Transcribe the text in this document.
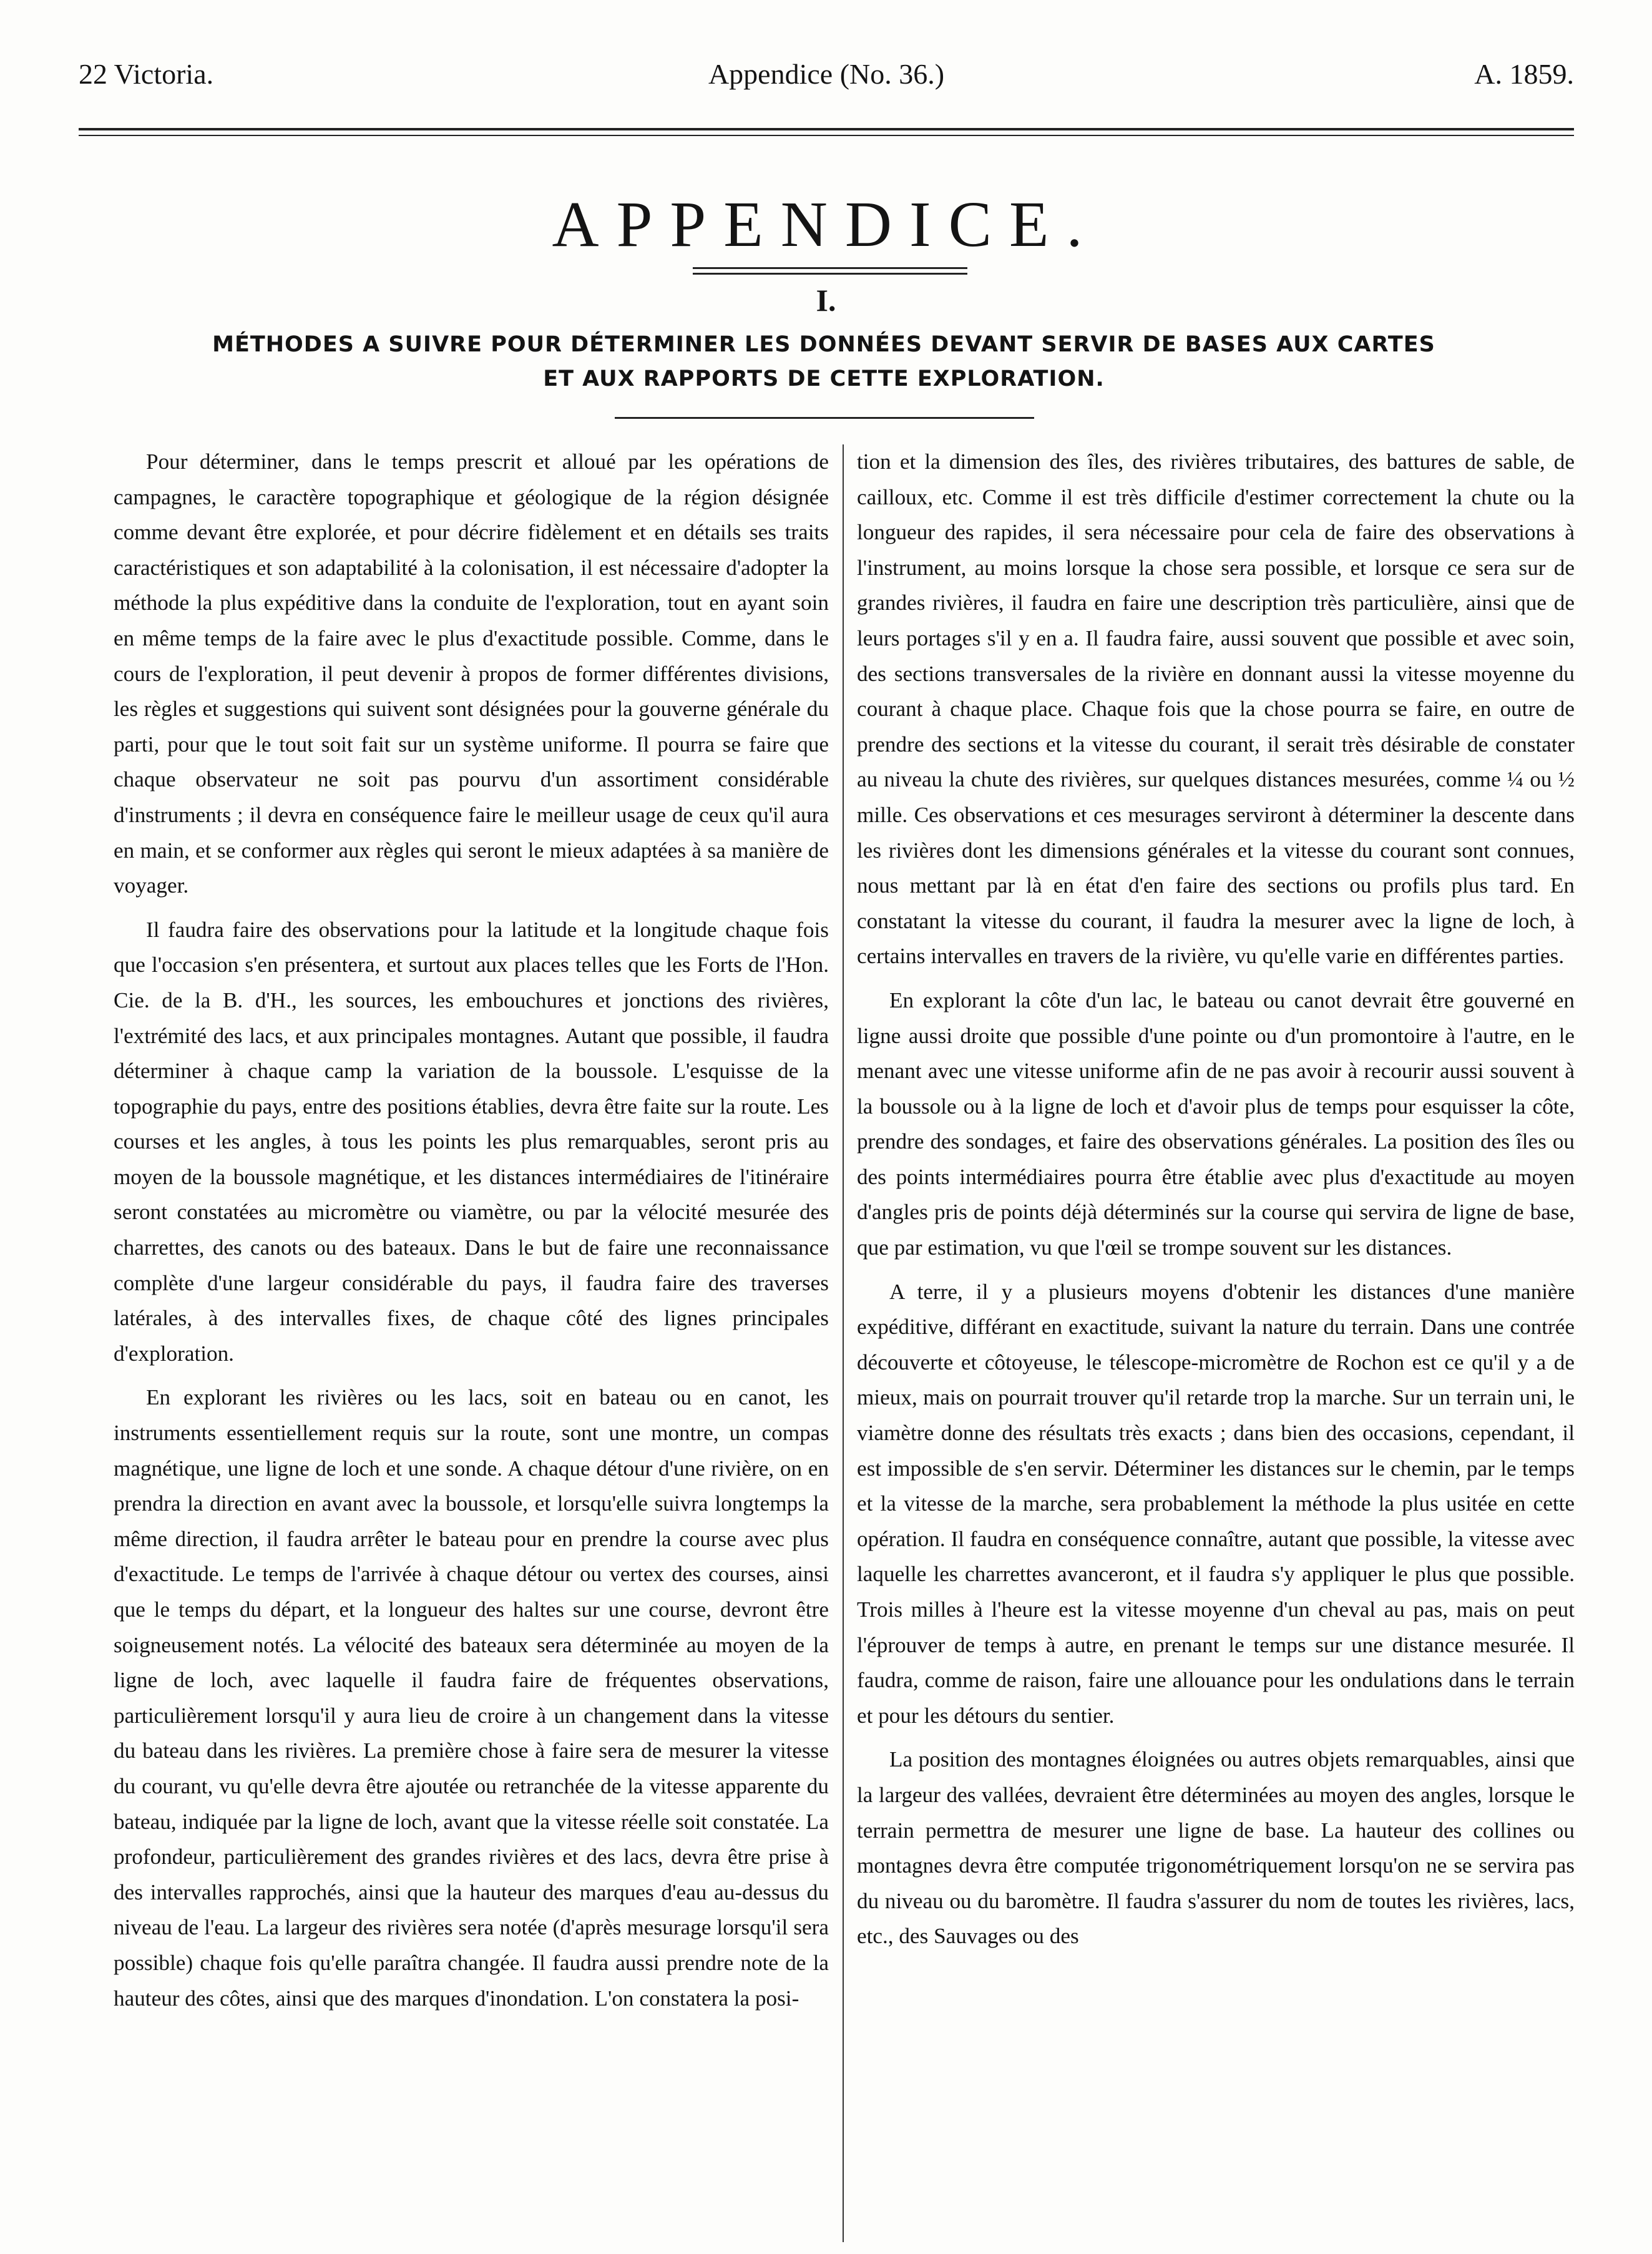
22 Victoria.	Appendice (No. 36.)	A. 1859.
APPENDICE.
I.
MÉTHODES A SUIVRE POUR DÉTERMINER LES DONNÉES DEVANT SERVIR DE BASES AUX CARTES
ET AUX RAPPORTS DE CETTE EXPLORATION.

Pour déterminer, dans le temps prescrit et alloué par les opérations de campagnes, le caractère topographique et géologique de la région désignée comme devant être explorée, et pour décrire fidèlement et en détails ses traits caractéristiques et son adaptabilité à la colonisation, il est nécessaire d'adopter la méthode la plus expéditive dans la conduite de l'exploration, tout en ayant soin en même temps de la faire avec le plus d'exactitude possible. Comme, dans le cours de l'exploration, il peut devenir à propos de former différentes divisions, les règles et suggestions qui suivent sont désignées pour la gouverne générale du parti, pour que le tout soit fait sur un système uniforme. Il pourra se faire que chaque observateur ne soit pas pourvu d'un assortiment considérable d'instruments ; il devra en conséquence faire le meilleur usage de ceux qu'il aura en main, et se conformer aux règles qui seront le mieux adaptées à sa manière de voyager.

Il faudra faire des observations pour la latitude et la longitude chaque fois que l'occasion s'en présentera, et surtout aux places telles que les Forts de l'Hon. Cie. de la B. d'H., les sources, les embouchures et jonctions des rivières, l'extrémité des lacs, et aux principales montagnes. Autant que possible, il faudra déterminer à chaque camp la variation de la boussole. L'esquisse de la topographie du pays, entre des positions établies, devra être faite sur la route. Les courses et les angles, à tous les points les plus remarquables, seront pris au moyen de la boussole magnétique, et les distances intermédiaires de l'itinéraire seront constatées au micromètre ou viamètre, ou par la vélocité mesurée des charrettes, des canots ou des bateaux. Dans le but de faire une reconnaissance complète d'une largeur considérable du pays, il faudra faire des traverses latérales, à des intervalles fixes, de chaque côté des lignes principales d'exploration.

En explorant les rivières ou les lacs, soit en bateau ou en canot, les instruments essentiellement requis sur la route, sont une montre, un compas magnétique, une ligne de loch et une sonde. A chaque détour d'une rivière, on en prendra la direction en avant avec la boussole, et lorsqu'elle suivra longtemps la même direction, il faudra arrêter le bateau pour en prendre la course avec plus d'exactitude. Le temps de l'arrivée à chaque détour ou vertex des courses, ainsi que le temps du départ, et la longueur des haltes sur une course, devront être soigneusement notés. La vélocité des bateaux sera déterminée au moyen de la ligne de loch, avec laquelle il faudra faire de fréquentes observations, particulièrement lorsqu'il y aura lieu de croire à un changement dans la vitesse du bateau dans les rivières. La première chose à faire sera de mesurer la vitesse du courant, vu qu'elle devra être ajoutée ou retranchée de la vitesse apparente du bateau, indiquée par la ligne de loch, avant que la vitesse réelle soit constatée. La profondeur, particulièrement des grandes rivières et des lacs, devra être prise à des intervalles rapprochés, ainsi que la hauteur des marques d'eau au-dessus du niveau de l'eau. La largeur des rivières sera notée (d'après mesurage lorsqu'il sera possible) chaque fois qu'elle paraîtra changée. Il faudra aussi prendre note de la hauteur des côtes, ainsi que des marques d'inondation. L'on constatera la posi-

tion et la dimension des îles, des rivières tributaires, des battures de sable, de cailloux, etc. Comme il est très difficile d'estimer correctement la chute ou la longueur des rapides, il sera nécessaire pour cela de faire des observations à l'instrument, au moins lorsque la chose sera possible, et lorsque ce sera sur de grandes rivières, il faudra en faire une description très particulière, ainsi que de leurs portages s'il y en a. Il faudra faire, aussi souvent que possible et avec soin, des sections transversales de la rivière en donnant aussi la vitesse moyenne du courant à chaque place. Chaque fois que la chose pourra se faire, en outre de prendre des sections et la vitesse du courant, il serait très désirable de constater au niveau la chute des rivières, sur quelques distances mesurées, comme ¼ ou ½ mille. Ces observations et ces mesurages serviront à déterminer la descente dans les rivières dont les dimensions générales et la vitesse du courant sont connues, nous mettant par là en état d'en faire des sections ou profils plus tard. En constatant la vitesse du courant, il faudra la mesurer avec la ligne de loch, à certains intervalles en travers de la rivière, vu qu'elle varie en différentes parties.

En explorant la côte d'un lac, le bateau ou canot devrait être gouverné en ligne aussi droite que possible d'une pointe ou d'un promontoire à l'autre, en le menant avec une vitesse uniforme afin de ne pas avoir à recourir aussi souvent à la boussole ou à la ligne de loch et d'avoir plus de temps pour esquisser la côte, prendre des sondages, et faire des observations générales. La position des îles ou des points intermédiaires pourra être établie avec plus d'exactitude au moyen d'angles pris de points déjà déterminés sur la course qui servira de ligne de base, que par estimation, vu que l'œil se trompe souvent sur les distances.

A terre, il y a plusieurs moyens d'obtenir les distances d'une manière expéditive, différant en exactitude, suivant la nature du terrain. Dans une contrée découverte et côtoyeuse, le télescope-micromètre de Rochon est ce qu'il y a de mieux, mais on pourrait trouver qu'il retarde trop la marche. Sur un terrain uni, le viamètre donne des résultats très exacts ; dans bien des occasions, cependant, il est impossible de s'en servir. Déterminer les distances sur le chemin, par le temps et la vitesse de la marche, sera probablement la méthode la plus usitée en cette opération. Il faudra en conséquence connaître, autant que possible, la vitesse avec laquelle les charrettes avanceront, et il faudra s'y appliquer le plus que possible. Trois milles à l'heure est la vitesse moyenne d'un cheval au pas, mais on peut l'éprouver de temps à autre, en prenant le temps sur une distance mesurée. Il faudra, comme de raison, faire une allouance pour les ondulations dans le terrain et pour les détours du sentier.

La position des montagnes éloignées ou autres objets remarquables, ainsi que la largeur des vallées, devraient être déterminées au moyen des angles, lorsque le terrain permettra de mesurer une ligne de base. La hauteur des collines ou montagnes devra être computée trigonométriquement lorsqu'on ne se servira pas du niveau ou du baromètre. Il faudra s'assurer du nom de toutes les rivières, lacs, etc., des Sauvages ou des
